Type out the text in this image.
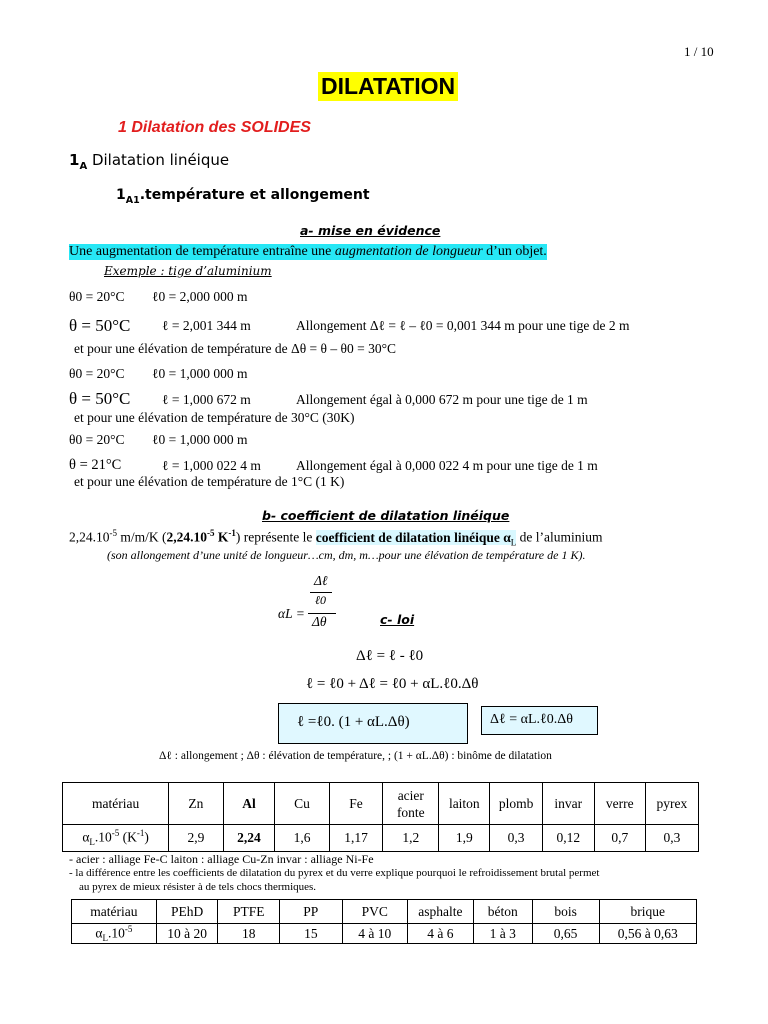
1 / 10
DILATATION
1 Dilatation des SOLIDES
$1_A$ Dilatation linéique
$1_{A1}.température$ et allongement
a- mise en évidence
Une augmentation de température entraîne une augmentation de longueur d’un objet.
Exemple : tige d’aluminium
θ0 = 20°C ℓ0 = 2,000 000 m
θ = 50°C ℓ = 2,001 344 m	Allongement Δℓ = ℓ – ℓ0 = 0,001 344 m pour une tige de 2 m
et pour une élévation de température de Δθ = θ – θ0 = 30°C
θ0 = 20°C ℓ0 = 1,000 000 m
θ = 50°C ℓ = 1,000 672 m	Allongement égal à 0,000 672 m pour une tige de 1 m
et pour une élévation de température de 30°C (30K)
θ0 = 20°C ℓ0 = 1,000 000 m
θ = 21°C	ℓ = 1,000 022 4 m	Allongement égal à 0,000 022 4 m pour une tige de 1 m
et pour une élévation de température de 1°C (1 K)
b- coefficient de dilatation linéique
$2,24.10^{-5}$ m/m/K ($2,24.10^{-5}$ $K^{-1}$) représente le coefficient de dilatation linéique $\alpha_L$ de l’aluminium
(son allongement d’une unité de longueur…cm, dm, m…pour une élévation de température de 1 K).
αL =
Δℓ
ℓ0
Δθ	c- loi
Δℓ = ℓ - ℓ0
ℓ = ℓ0 + Δℓ = ℓ0 + αL.ℓ0.Δθ
ℓ =ℓ0. (1 + αL.Δθ)	Δℓ = αL.ℓ0.Δθ
Δℓ : allongement ; Δθ : élévation de température, ; (1 + αL.Δθ) : binôme de dilatation
matériau	Zn	Al	Cu	Fe	acier fonte	laiton	plomb	invar	verre	pyrex
$\alpha_L.10^{-5}$ $(K^{-1})$	2,9	2,24	1,6	1,17	1,2	1,9	0,3	0,12	0,7	0,3
- acier : alliage Fe-C laiton : alliage Cu-Zn invar : alliage Ni-Fe
- la différence entre les coefficients de dilatation du pyrex et du verre explique pourquoi le refroidissement brutal permet
au pyrex de mieux résister à de tels chocs thermiques.
matériau	PEhD	PTFE	PP	PVC	asphalte	béton	bois	brique
$\alpha_L.10^{-5}$	10 à 20	18	15	4 à 10	4 à 6	1 à 3	0,65	0,56 à 0,63
